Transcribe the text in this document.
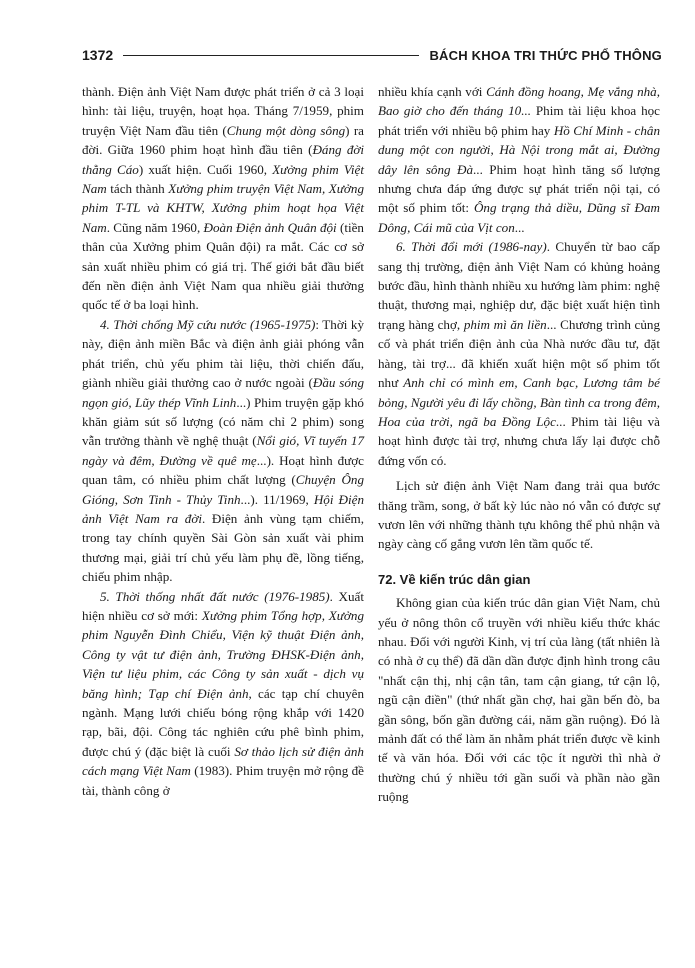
1372	BÁCH KHOA TRI THỨC PHỔ THÔNG

thành. Điện ảnh Việt Nam được phát triển ở cả 3 loại hình: tài liệu, truyện, hoạt họa. Tháng 7/1959, phim truyện Việt Nam đầu tiên (Chung một dòng sông) ra đời. Giữa 1960 phim hoạt hình đầu tiên (Đáng đời thằng Cáo) xuất hiện. Cuối 1960, Xưởng phim Việt Nam tách thành Xưởng phim truyện Việt Nam, Xưởng phim T-TL và KHTW, Xưởng phim hoạt họa Việt Nam. Cũng năm 1960, Đoàn Điện ảnh Quân đội (tiền thân của Xưởng phim Quân đội) ra mắt. Các cơ sở sản xuất nhiều phim có giá trị. Thế giới bắt đầu biết đến nền điện ảnh Việt Nam qua nhiều giải thưởng quốc tế ở ba loại hình.

4. Thời chống Mỹ cứu nước (1965-1975): Thời kỳ này, điện ảnh miền Bắc và điện ảnh giải phóng vẫn phát triển, chủ yếu phim tài liệu, thời chiến đấu, giành nhiều giải thưởng cao ở nước ngoài (Đầu sóng ngọn gió, Lũy thép Vĩnh Linh...) Phim truyện gặp khó khăn giảm sút số lượng (có năm chỉ 2 phim) song vẫn trưởng thành về nghệ thuật (Nổi gió, Vĩ tuyến 17 ngày và đêm, Đường về quê mẹ...). Hoạt hình được quan tâm, có nhiều phim chất lượng (Chuyện Ông Gióng, Sơn Tinh - Thủy Tinh...). 11/1969, Hội Điện ảnh Việt Nam ra đời. Điện ảnh vùng tạm chiếm, trong tay chính quyền Sài Gòn sản xuất vài phim thương mại, giải trí chủ yếu làm phụ đề, lồng tiếng, chiếu phim nhập.

5. Thời thống nhất đất nước (1976-1985). Xuất hiện nhiều cơ sở mới: Xưởng phim Tổng hợp, Xưởng phim Nguyễn Đình Chiểu, Viện kỹ thuật Điện ảnh, Công ty vật tư điện ảnh, Trường ĐHSK-Điện ảnh, Viện tư liệu phim, các Công ty sản xuất - dịch vụ băng hình; Tạp chí Điện ảnh, các tạp chí chuyên ngành. Mạng lưới chiếu bóng rộng khắp với 1420 rạp, bãi, đội. Công tác nghiên cứu phê bình phim, được chú ý (đặc biệt là cuối Sơ thảo lịch sử điện ảnh cách mạng Việt Nam (1983). Phim truyện mở rộng đề tài, thành công ở

nhiều khía cạnh với Cánh đồng hoang, Mẹ vắng nhà, Bao giờ cho đến tháng 10... Phim tài liệu khoa học phát triển với nhiều bộ phim hay Hồ Chí Minh - chân dung một con người, Hà Nội trong mắt ai, Đường dây lên sông Đà... Phim hoạt hình tăng số lượng nhưng chưa đáp ứng được sự phát triển nội tại, có một số phim tốt: Ông trạng thả diều, Dũng sĩ Đam Dông, Cái mũ của Vịt con...

6. Thời đổi mới (1986-nay). Chuyển từ bao cấp sang thị trường, điện ảnh Việt Nam có khủng hoảng bước đầu, hình thành nhiều xu hướng làm phim: nghệ thuật, thương mại, nghiệp dư, đặc biệt xuất hiện tình trạng hàng chợ, phim mì ăn liền... Chương trình củng cố và phát triển điện ảnh của Nhà nước đầu tư, đặt hàng, tài trợ... đã khiến xuất hiện một số phim tốt như Anh chỉ có mình em, Canh bạc, Lương tâm bé bỏng, Người yêu đi lấy chồng, Bàn tình ca trong đêm, Hoa của trời, ngã ba Đồng Lộc... Phim tài liệu và hoạt hình được tài trợ, nhưng chưa lấy lại được chỗ đứng vốn có.

Lịch sử điện ảnh Việt Nam đang trải qua bước thăng trầm, song, ở bất kỳ lúc nào nó vẫn có được sự vươn lên với những thành tựu không thể phủ nhận và ngày càng cố gắng vươn lên tầm quốc tế.

72. Về kiến trúc dân gian

Không gian của kiến trúc dân gian Việt Nam, chủ yếu ở nông thôn cổ truyền với nhiều kiểu thức khác nhau. Đối với người Kinh, vị trí của làng (tất nhiên là có nhà ở cụ thể) đã dần dần được định hình trong câu "nhất cận thị, nhị cận tân, tam cận giang, tứ cận lộ, ngũ cận điền" (thứ nhất gần chợ, hai gần bến đò, ba gần sông, bốn gần đường cái, năm gần ruộng). Đó là mảnh đất có thể làm ăn nhằm phát triển được về kinh tế và văn hóa. Đối với các tộc ít người thì nhà ở thường chú ý nhiều tới gần suối và phần nào gần ruộng
